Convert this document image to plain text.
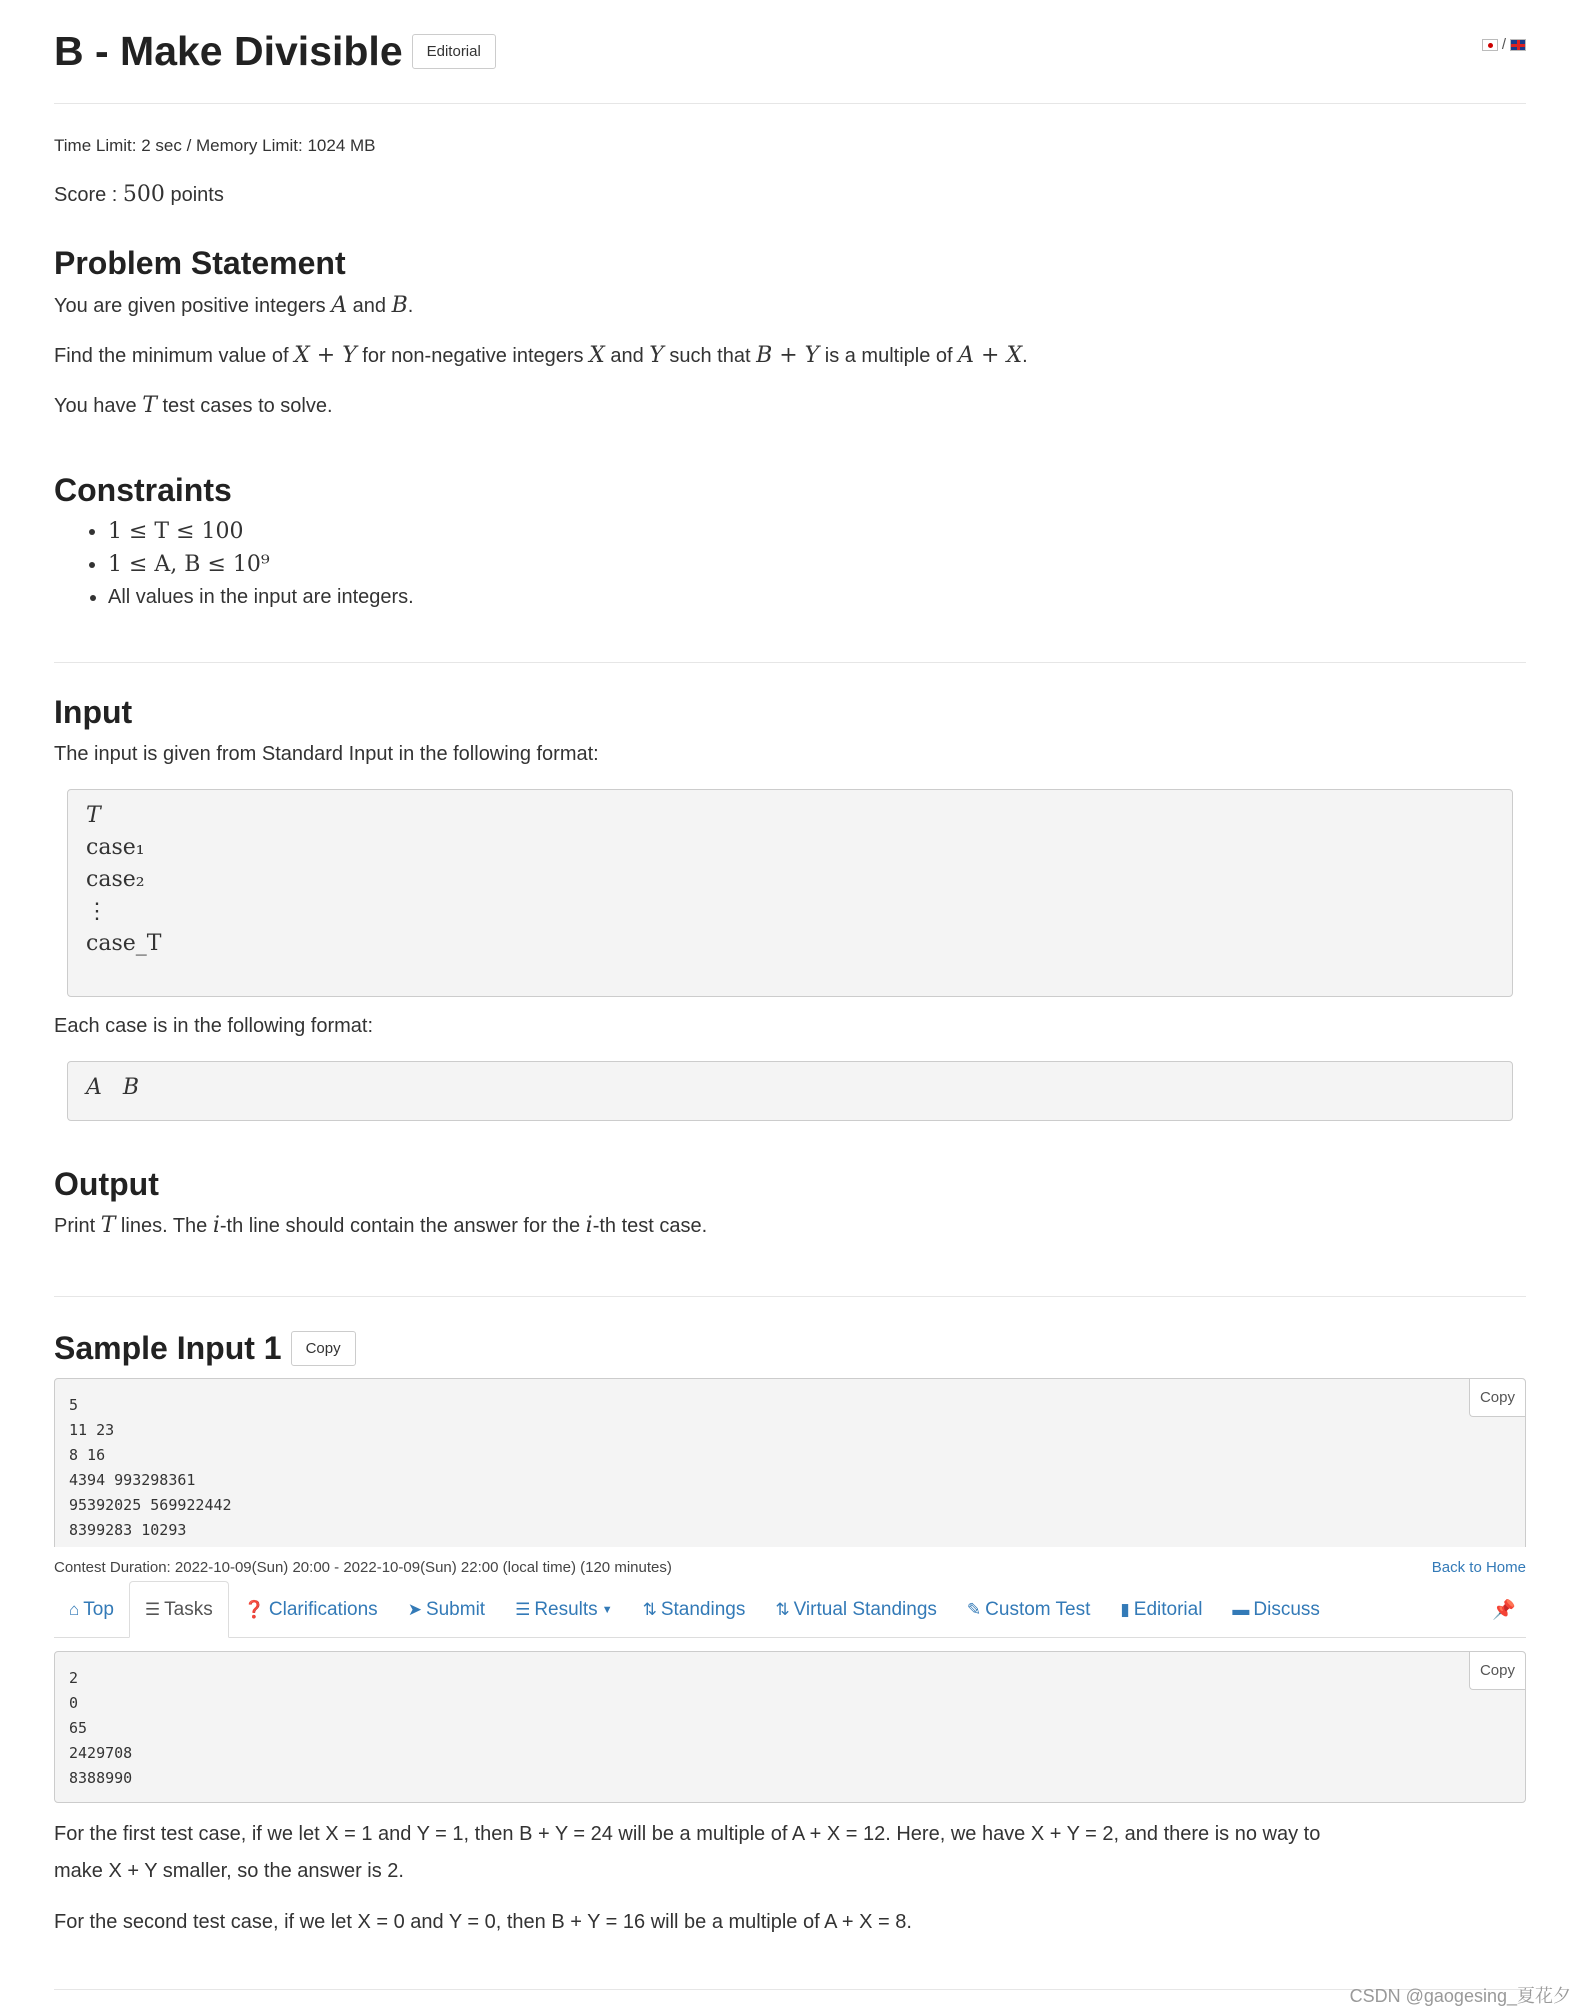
B - Make Divisible	Editorial	/
Time Limit: 2 sec / Memory Limit: 1024 MB
Score : 500 points
Problem Statement
You are given positive integers A and B.
Find the minimum value of X + Y for non-negative integers X and Y such that B + Y is a multiple of A + X.
You have T test cases to solve.
Constraints
• 1 ≤ T ≤ 100
• 1 ≤ A, B ≤ 10⁹
• All values in the input are integers.
Input
The input is given from Standard Input in the following format:
T
case₁
case₂
⋮
case_T
Each case is in the following format:
A   B
Output
Print T lines. The i-th line should contain the answer for the i-th test case.
Sample Input 1	Copy
Copy
5
11 23
8 16
4394 993298361
95392025 569922442
8399283 10293
Copy
2
0
65
2429708
8388990
For the first test case, if we let X = 1 and Y = 1, then B + Y = 24 will be a multiple of A + X = 12. Here, we have X + Y = 2, and there is no way to
make X + Y smaller, so the answer is 2.
For the second test case, if we let X = 0 and Y = 0, then B + Y = 16 will be a multiple of A + X = 8.
Contest Duration: 2022-10-09(Sun) 20:00 - 2022-10-09(Sun) 22:00 (local time) (120 minutes)	Back to Home
⌂ Top ☰ Tasks ❓ Clarifications ➤ Submit ☰ Results ▼ ⇅ Standings ⇅ Virtual Standings ✎ Custom Test ▮ Editorial ▬ Discuss	📌
CSDN @gaogesing_夏花夕
